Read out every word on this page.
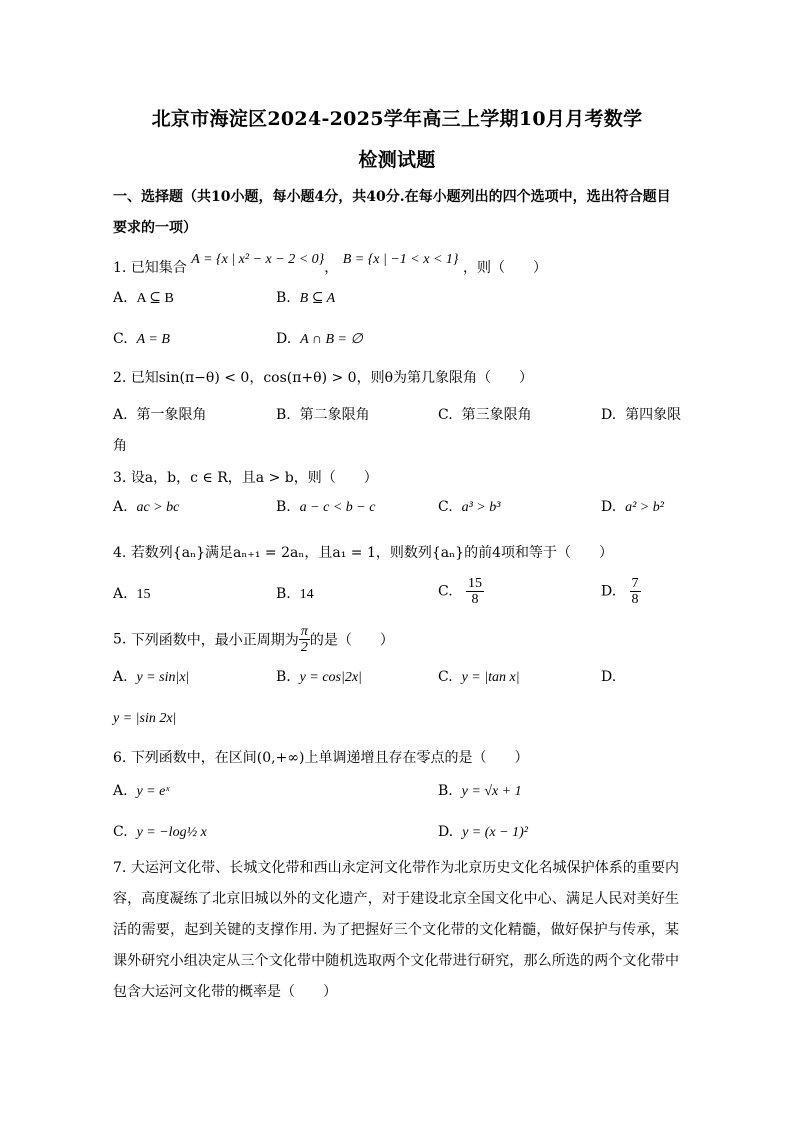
北京市海淀区2024-2025学年高三上学期10月月考数学
检测试题
一、选择题（共10小题，每小题4分，共40分.在每小题列出的四个选项中，选出符合题目
要求的一项）
1. 已知集合 A = {x | x² − x − 2 < 0}， B = {x | −1 < x < 1} ，则（　　）
A. A ⊆ B	B. B ⊆ A
C. A = B	D. A ∩ B = ∅
2. 已知sin(π−θ) < 0，cos(π+θ) > 0，则θ为第几象限角（　　）
A. 第一象限角	B. 第二象限角	C. 第三象限角	D. 第四象限
角
3. 设a，b，c ∈ R，且a > b，则（　　）
A. ac > bc	B. a − c < b − c	C. a³ > b³	D. a² > b²
4. 若数列{aₙ}满足aₙ₊₁ = 2aₙ，且a₁ = 1，则数列{aₙ}的前4项和等于（　　）
A. 15	B. 14	C. $\frac{15}{8}$	D. $\frac{7}{8}$
5. 下列函数中，最小正周期为 $\frac{\pi}{2}$ 的是（　　）
A. y = sin|x|	B. y = cos|2x|	C. y = |tan x|	D.
y = |sin 2x|
6. 下列函数中，在区间(0,+∞)上单调递增且存在零点的是（　　）
A. y = eˣ	B. y = √x + 1
C. y = −log½ x	D. y = (x − 1)²
7. 大运河文化带、长城文化带和西山永定河文化带作为北京历史文化名城保护体系的重要内容，高度凝练了北京旧城以外的文化遗产，对于建设北京全国文化中心、满足人民对美好生活的需要，起到关键的支撑作用. 为了把握好三个文化带的文化精髓，做好保护与传承，某课外研究小组决定从三个文化带中随机选取两个文化带进行研究，那么所选的两个文化带中包含大运河文化带的概率是（　　）
